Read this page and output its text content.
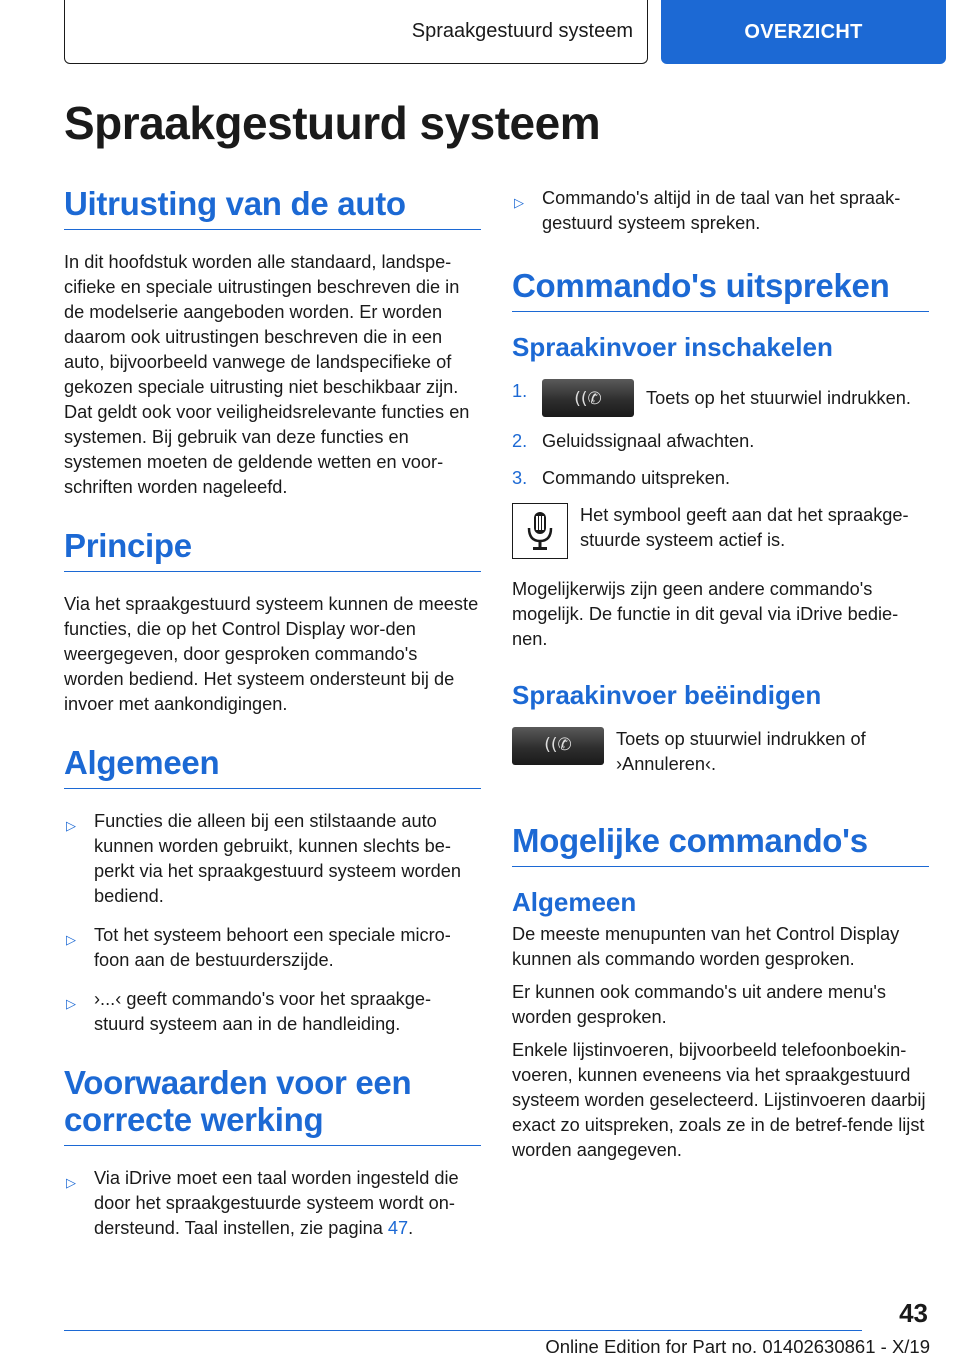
Spraakgestuurd systeem	OVERZICHT
Spraakgestuurd systeem
Uitrusting van de auto

In dit hoofdstuk worden alle standaard, landspe-cifieke en speciale uitrustingen beschreven die in de modelserie aangeboden worden. Er worden daarom ook uitrustingen beschreven die in een auto, bijvoorbeeld vanwege de landspecifieke of gekozen speciale uitrusting niet beschikbaar zijn. Dat geldt ook voor veiligheidsrelevante functies en systemen. Bij gebruik van deze functies en systemen moeten de geldende wetten en voor-schriften worden nageleefd.

Principe

Via het spraakgestuurd systeem kunnen de meeste functies, die op het Control Display wor-den weergegeven, door gesproken commando's worden bediend. Het systeem ondersteunt bij de invoer met aankondigingen.

Algemeen
▷ Functies die alleen bij een stilstaande auto kunnen worden gebruikt, kunnen slechts be-perkt via het spraakgestuurd systeem worden bediend.
▷ Tot het systeem behoort een speciale micro-foon aan de bestuurderszijde.
▷ ›...‹ geeft commando's voor het spraakge-stuurd systeem aan in de handleiding.
Voorwaarden voor een correcte werking
▷ Via iDrive moet een taal worden ingesteld die door het spraakgestuurde systeem wordt on-dersteund. Taal instellen, zie pagina 47.
▷ Commando's altijd in de taal van het spraak-gestuurd systeem spreken.
Commando's uitspreken
Spraakinvoer inschakelen
1.	((✆	Toets op het stuurwiel indrukken.
2. Geluidssignaal afwachten.
3. Commando uitspreken.

Het symbool geeft aan dat het spraakge-stuurde systeem actief is.

Mogelijkerwijs zijn geen andere commando's mogelijk. De functie in dit geval via iDrive bedie-nen.

Spraakinvoer beëindigen
((✆	Toets op stuurwiel indrukken of ›Annuleren‹.

Mogelijke commando's
Algemeen

De meeste menupunten van het Control Display kunnen als commando worden gesproken.

Er kunnen ook commando's uit andere menu's worden gesproken.

Enkele lijstinvoeren, bijvoorbeeld telefoonboekin-voeren, kunnen eveneens via het spraakgestuurd systeem worden geselecteerd. Lijstinvoeren daarbij exact zo uitspreken, zoals ze in de betref-fende lijst worden aangegeven.

43
Online Edition for Part no. 01402630861 - X/19
